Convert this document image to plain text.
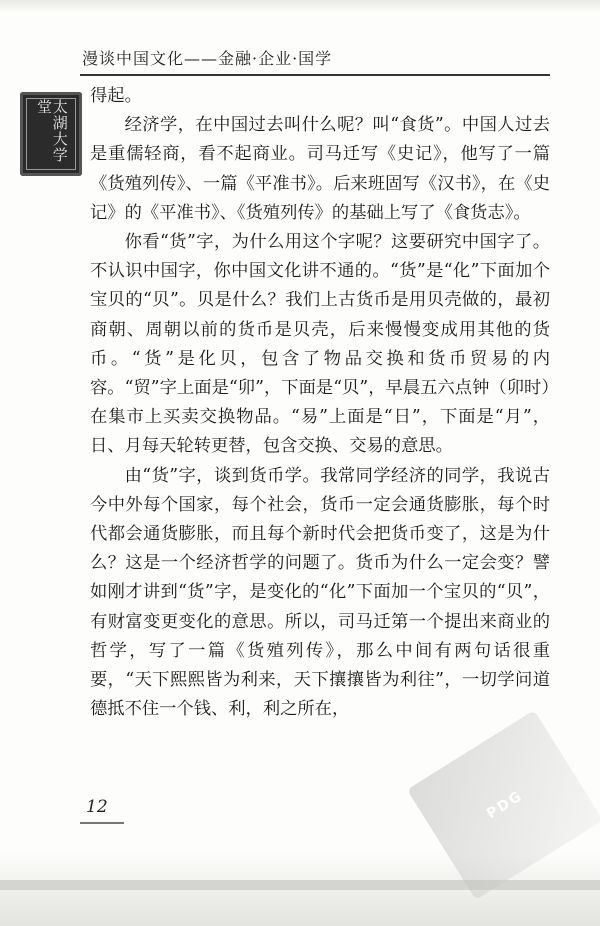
漫谈中国文化——金融·企业·国学
太湖大学堂

得起。

经济学，在中国过去叫什么呢？叫“食货”。中国人过去是重儒轻商，看不起商业。司马迁写《史记》，他写了一篇《货殖列传》、一篇《平准书》。后来班固写《汉书》，在《史记》的《平准书》、《货殖列传》的基础上写了《食货志》。

你看“货”字，为什么用这个字呢？这要研究中国字了。不认识中国字，你中国文化讲不通的。“货”是“化”下面加个宝贝的“贝”。贝是什么？我们上古货币是用贝壳做的，最初商朝、周朝以前的货币是贝壳，后来慢慢变成用其他的货币。“货”是化贝，包含了物品交换和货币贸易的内容。“贸”字上面是“卯”，下面是“贝”，早晨五六点钟（卯时）在集市上买卖交换物品。“易”上面是“日”，下面是“月”，日、月每天轮转更替，包含交换、交易的意思。

由“货”字，谈到货币学。我常同学经济的同学，我说古今中外每个国家，每个社会，货币一定会通货膨胀，每个时代都会通货膨胀，而且每个新时代会把货币变了，这是为什么？这是一个经济哲学的问题了。货币为什么一定会变？譬如刚才讲到“货”字，是变化的“化”下面加一个宝贝的“贝”，有财富变更变化的意思。所以，司马迁第一个提出来商业的哲学，写了一篇《货殖列传》，那么中间有两句话很重要，“天下熙熙皆为利来，天下攘攘皆为利往”，一切学问道德抵不住一个钱、利，利之所在，

12	PDG
